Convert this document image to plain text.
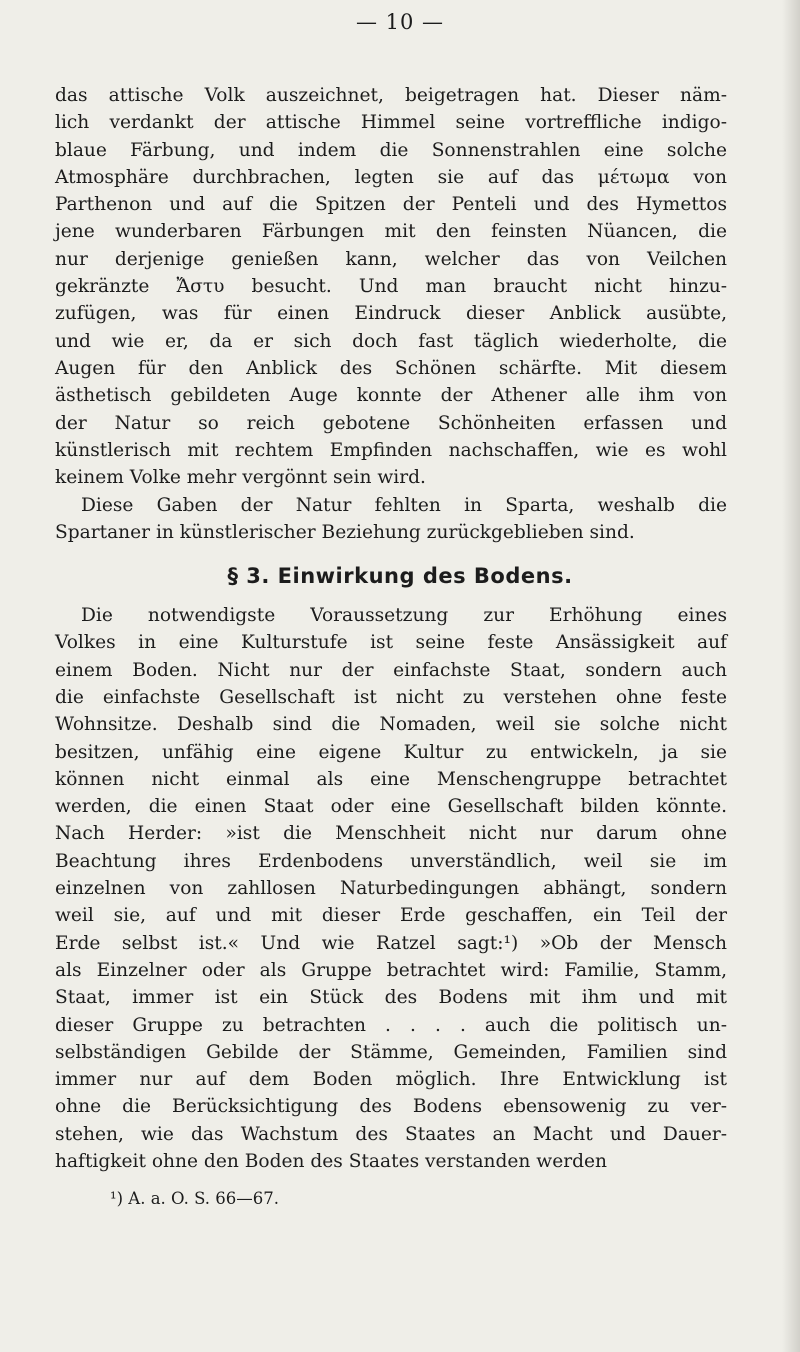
— 10 —
das attische Volk auszeichnet, beigetragen hat. Dieser näm-
lich verdankt der attische Himmel seine vortreffliche indigo-
blaue Färbung, und indem die Sonnenstrahlen eine solche
Atmosphäre durchbrachen, legten sie auf das μέτωμα von
Parthenon und auf die Spitzen der Penteli und des Hymettos
jene wunderbaren Färbungen mit den feinsten Nüancen, die
nur derjenige genießen kann, welcher das von Veilchen
gekränzte Ἄστυ besucht. Und man braucht nicht hinzu-
zufügen, was für einen Eindruck dieser Anblick ausübte,
und wie er, da er sich doch fast täglich wiederholte, die
Augen für den Anblick des Schönen schärfte. Mit diesem
ästhetisch gebildeten Auge konnte der Athener alle ihm von
der Natur so reich gebotene Schönheiten erfassen und
künstlerisch mit rechtem Empfinden nachschaffen, wie es wohl
keinem Volke mehr vergönnt sein wird.
Diese Gaben der Natur fehlten in Sparta, weshalb die
Spartaner in künstlerischer Beziehung zurückgeblieben sind.
§ 3. Einwirkung des Bodens.
Die notwendigste Voraussetzung zur Erhöhung eines
Volkes in eine Kulturstufe ist seine feste Ansässigkeit auf
einem Boden. Nicht nur der einfachste Staat, sondern auch
die einfachste Gesellschaft ist nicht zu verstehen ohne feste
Wohnsitze. Deshalb sind die Nomaden, weil sie solche nicht
besitzen, unfähig eine eigene Kultur zu entwickeln, ja sie
können nicht einmal als eine Menschengruppe betrachtet
werden, die einen Staat oder eine Gesellschaft bilden könnte.
Nach Herder: »ist die Menschheit nicht nur darum ohne
Beachtung ihres Erdenbodens unverständlich, weil sie im
einzelnen von zahllosen Naturbedingungen abhängt, sondern
weil sie, auf und mit dieser Erde geschaffen, ein Teil der
Erde selbst ist.« Und wie Ratzel sagt:¹) »Ob der Mensch
als Einzelner oder als Gruppe betrachtet wird: Familie, Stamm,
Staat, immer ist ein Stück des Bodens mit ihm und mit
dieser Gruppe zu betrachten . . . . auch die politisch un-
selbständigen Gebilde der Stämme, Gemeinden, Familien sind
immer nur auf dem Boden möglich. Ihre Entwicklung ist
ohne die Berücksichtigung des Bodens ebensowenig zu ver-
stehen, wie das Wachstum des Staates an Macht und Dauer-
haftigkeit ohne den Boden des Staates verstanden werden
¹) A. a. O. S. 66—67.
